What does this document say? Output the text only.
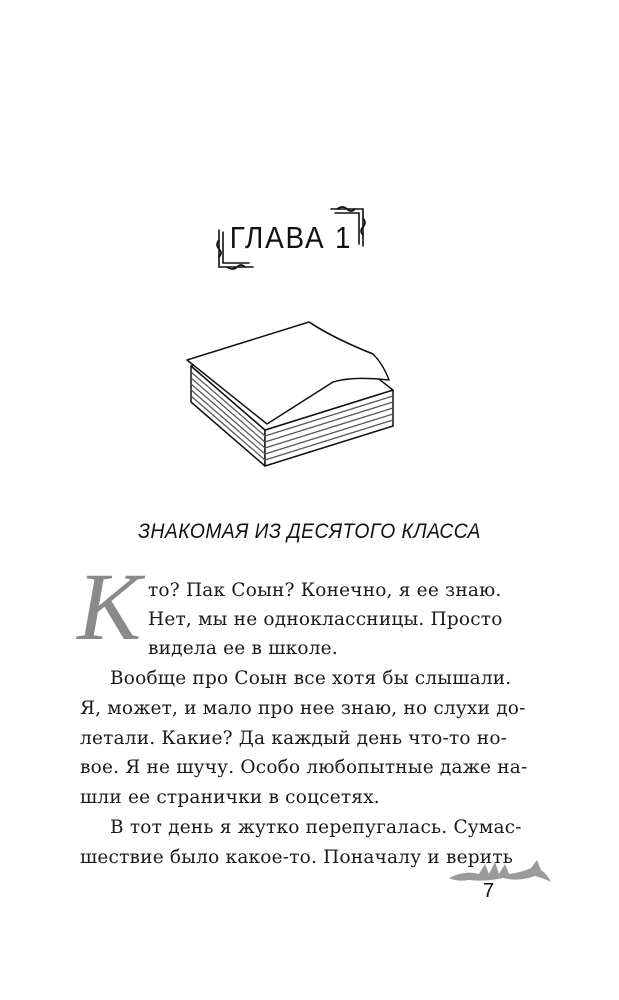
ГЛАВА 1
ЗНАКОМАЯ ИЗ ДЕСЯТОГО КЛАССА
К то? Пак Соын? Конечно, я ее знаю.
Нет, мы не одноклассницы. Просто
видела ее в школе.
Вообще про Соын все хотя бы слышали.
Я, может, и мало про нее знаю, но слухи до-
летали. Какие? Да каждый день что-то но-
вое. Я не шучу. Особо любопытные даже на-
шли ее странички в соцсетях.
В тот день я жутко перепугалась. Сумас-
шествие было какое-то. Поначалу и верить
7
